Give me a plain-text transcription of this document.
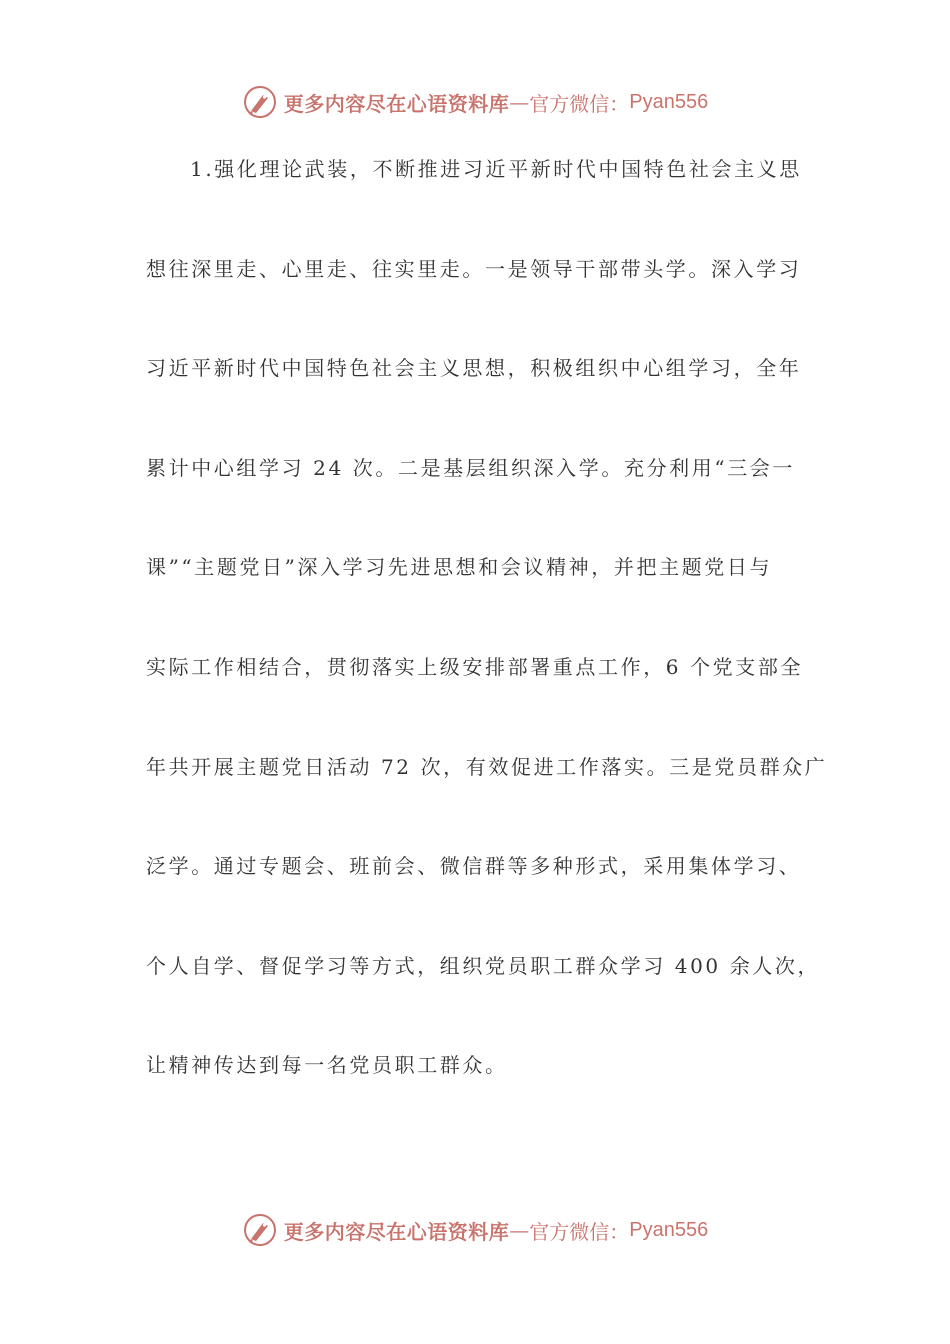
更多内容尽在心语资料库 — 官方微信： Pyan556
1.强化理论武装，不断推进习近平新时代中国特色社会主义思
想往深里走、心里走、往实里走。一是领导干部带头学。深入学习
习近平新时代中国特色社会主义思想，积极组织中心组学习，全年
累计中心组学习 24 次。二是基层组织深入学。充分利用“三会一
课”“主题党日”深入学习先进思想和会议精神，并把主题党日与
实际工作相结合，贯彻落实上级安排部署重点工作，6 个党支部全
年共开展主题党日活动 72 次，有效促进工作落实。三是党员群众广
泛学。通过专题会、班前会、微信群等多种形式，采用集体学习、
个人自学、督促学习等方式，组织党员职工群众学习 400 余人次，
让精神传达到每一名党员职工群众。
更多内容尽在心语资料库 — 官方微信： Pyan556
